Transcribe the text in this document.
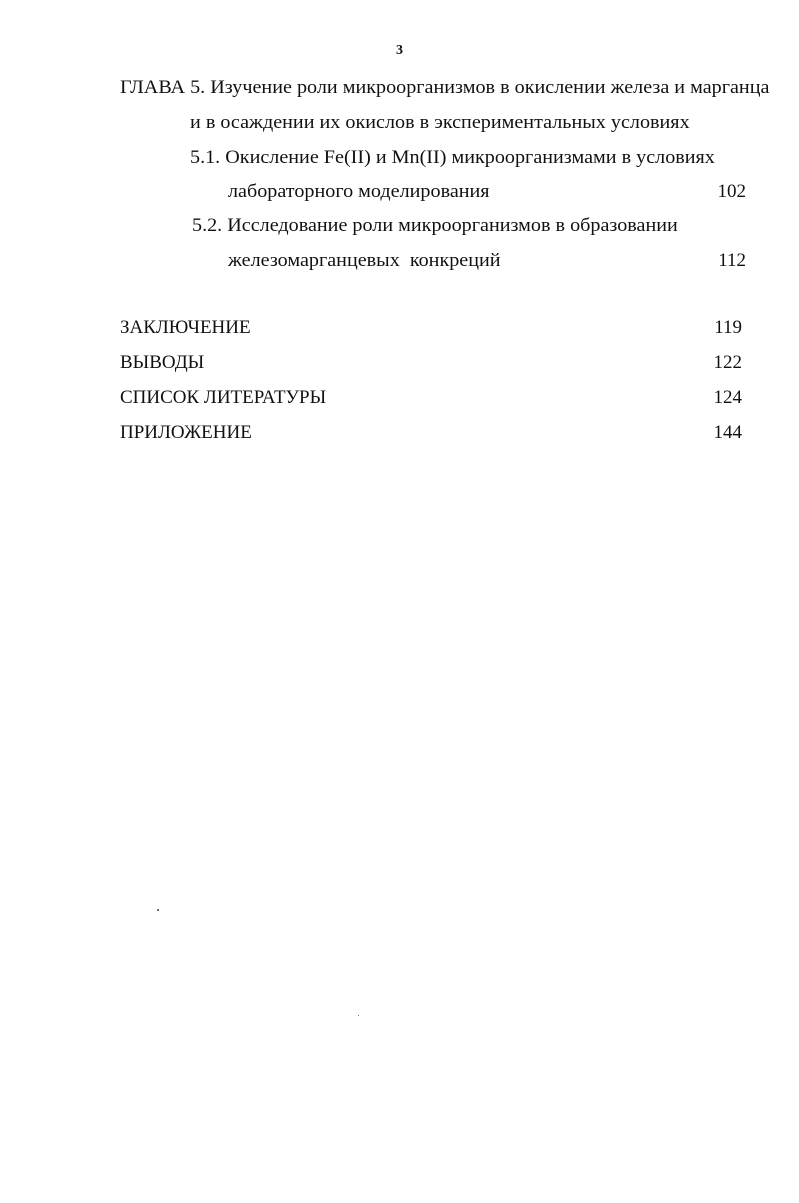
3
ГЛАВА 5. Изучение роли микроорганизмов в окислении железа и марганца
и в осаждении их окислов в экспериментальных условиях
5.1. Окисление Fe(II) и Mn(II) микроорганизмами в условиях
лабораторного моделирования	102
5.2. Исследование роли микроорганизмов в образовании
железомарганцевых  конкреций	112
ЗАКЛЮЧЕНИЕ	119
ВЫВОДЫ	122
СПИСОК ЛИТЕРАТУРЫ	124
ПРИЛОЖЕНИЕ	144
